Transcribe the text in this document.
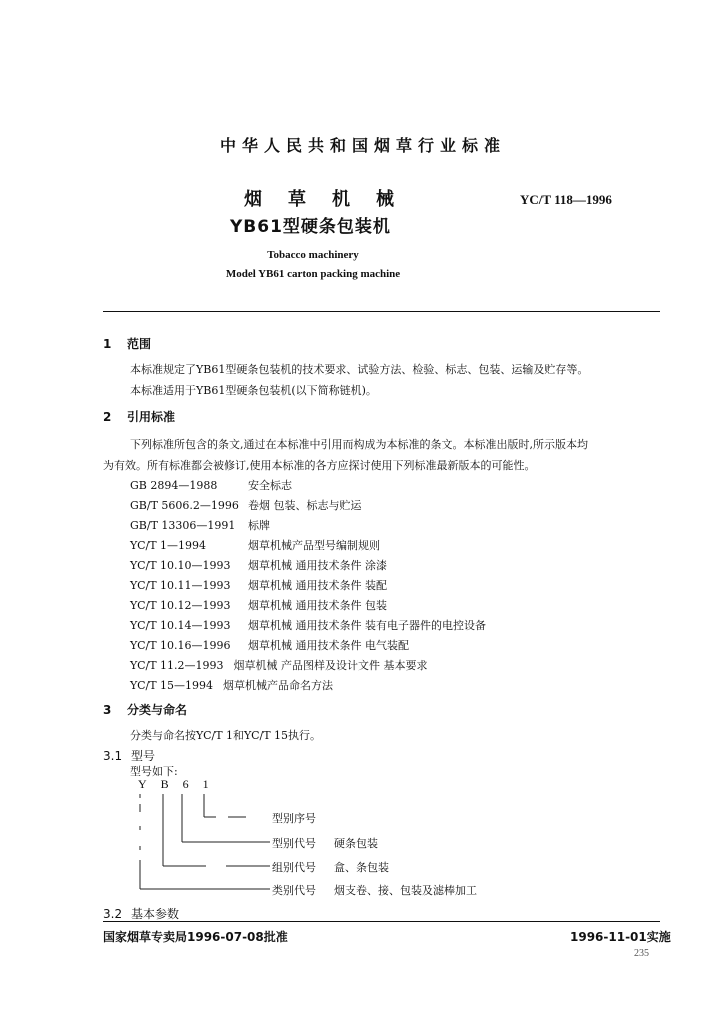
中华人民共和国烟草行业标准
烟草机械
YB61型硬条包装机
YC/T 118—1996
Tobacco machinery
Model YB61 carton packing machine
1 范围
本标准规定了YB61型硬条包装机的技术要求、试验方法、检验、标志、包装、运输及贮存等。
本标准适用于YB61型硬条包装机(以下简称链机)。
2 引用标准
下列标准所包含的条文,通过在本标准中引用而构成为本标准的条文。本标准出版时,所示版本均
为有效。所有标准都会被修订,使用本标准的各方应探讨使用下列标准最新版本的可能性。
GB 2894—1988	安全标志
GB/T 5606.2—1996 卷烟 包装、标志与贮运
GB/T 13306—1991 标牌
YC/T 1—1994	烟草机械产品型号编制规则
YC/T 10.10—1993 烟草机械 通用技术条件 涂漆
YC/T 10.11—1993 烟草机械 通用技术条件 装配
YC/T 10.12—1993 烟草机械 通用技术条件 包装
YC/T 10.14—1993 烟草机械 通用技术条件 装有电子器件的电控设备
YC/T 10.16—1996 烟草机械 通用技术条件 电气装配
YC/T 11.2—1993 烟草机械 产品图样及设计文件 基本要求
YC/T 15—1994 烟草机械产品命名方法
3 分类与命名
分类与命名按YC/T 1和YC/T 15执行。
3.1 型号
型号如下:
YB61
型别序号
型别代号 硬条包装
组别代号 盒、条包装
类别代号 烟支卷、接、包装及滤棒加工
3.2 基本参数
国家烟草专卖局1996-07-08批准	1996-11-01实施
235
